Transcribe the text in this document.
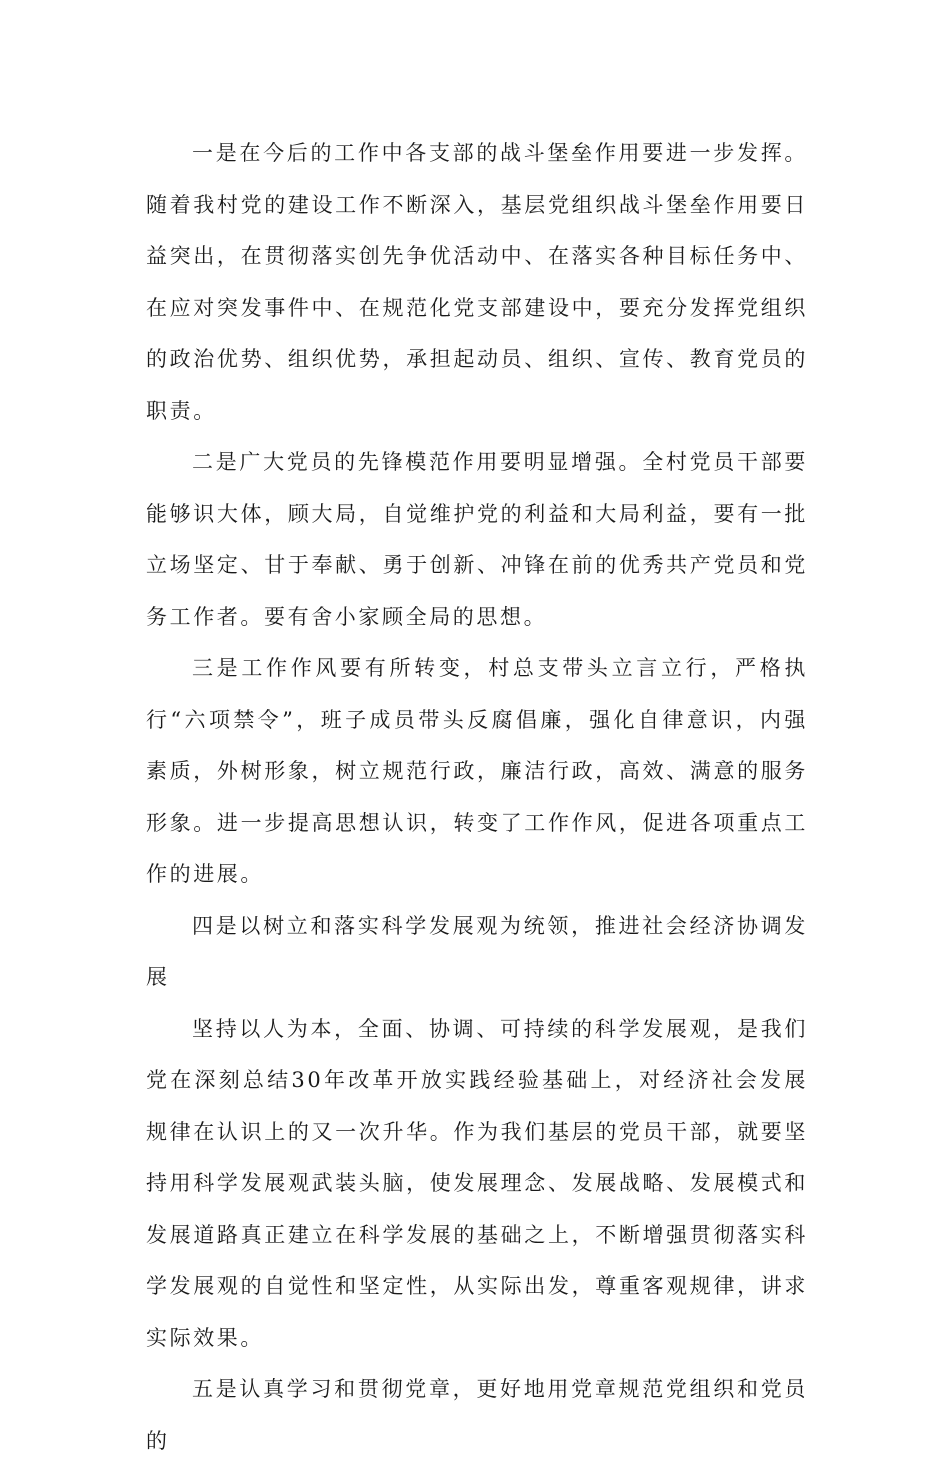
一是在今后的工作中各支部的战斗堡垒作用要进一步发挥。随着我村党的建设工作不断深入，基层党组织战斗堡垒作用要日益突出，在贯彻落实创先争优活动中、在落实各种目标任务中、在应对突发事件中、在规范化党支部建设中，要充分发挥党组织的政治优势、组织优势，承担起动员、组织、宣传、教育党员的职责。

二是广大党员的先锋模范作用要明显增强。全村党员干部要能够识大体，顾大局，自觉维护党的利益和大局利益，要有一批立场坚定、甘于奉献、勇于创新、冲锋在前的优秀共产党员和党务工作者。要有舍小家顾全局的思想。

三是工作作风要有所转变，村总支带头立言立行，严格执行“六项禁令”，班子成员带头反腐倡廉，强化自律意识，内强素质，外树形象，树立规范行政，廉洁行政，高效、满意的服务形象。进一步提高思想认识，转变了工作作风，促进各项重点工作的进展。

四是以树立和落实科学发展观为统领，推进社会经济协调发展

坚持以人为本，全面、协调、可持续的科学发展观，是我们党在深刻总结30年改革开放实践经验基础上，对经济社会发展规律在认识上的又一次升华。作为我们基层的党员干部，就要坚持用科学发展观武装头脑，使发展理念、发展战略、发展模式和发展道路真正建立在科学发展的基础之上，不断增强贯彻落实科学发展观的自觉性和坚定性，从实际出发，尊重客观规律，讲求实际效果。

五是认真学习和贯彻党章，更好地用党章规范党组织和党员的
